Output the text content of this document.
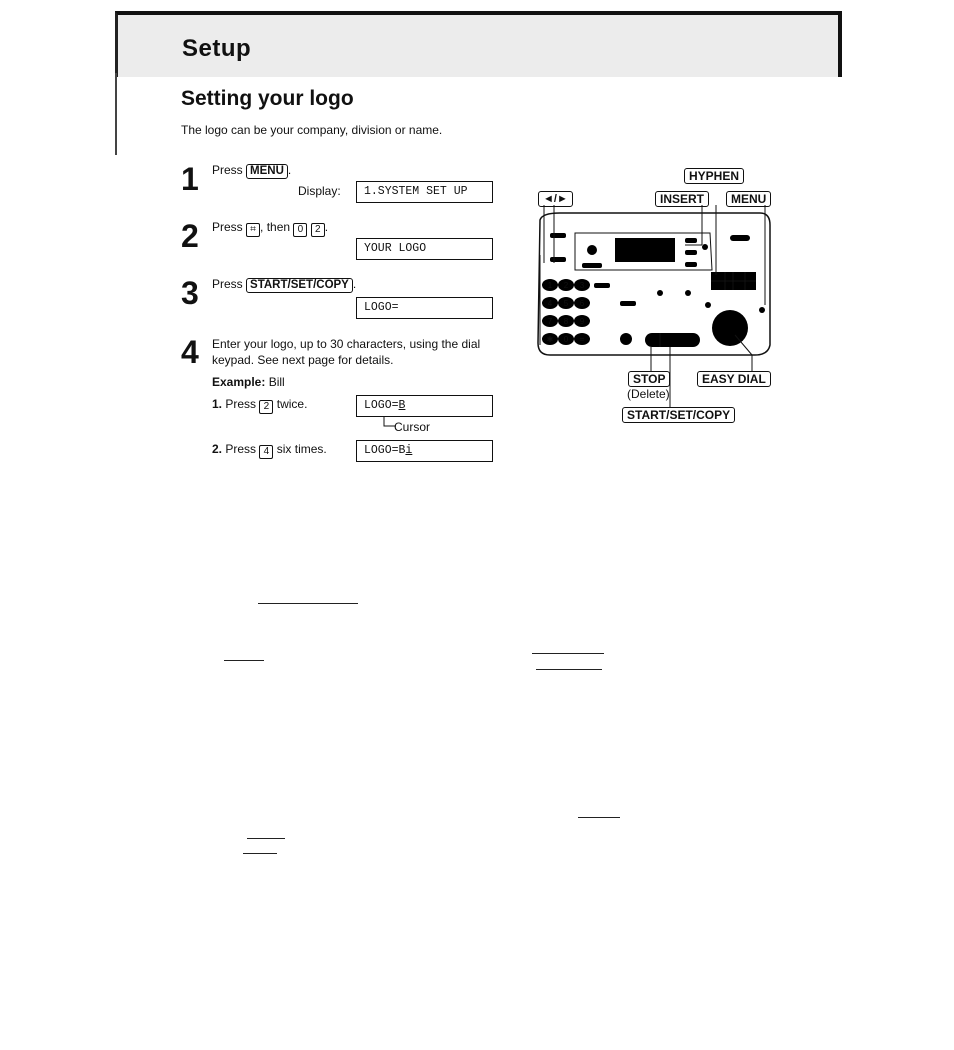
Setup
Setting your logo
The logo can be your company, division or name.
1 Press MENU .
Display:	1.SYSTEM SET UP
2 Press ⌗ , then 0 2 .
YOUR LOGO
3 Press START/SET/COPY .
LOGO=
4 Enter your logo, up to 30 characters, using the dial keypad. See next page for details.
Example: Bill
1. Press 2 twice.	LOGO=B
Cursor
2. Press 4 six times.	LOGO=Bi
HYPHEN
◄/►	INSERT	MENU
1 2 3
4 5 6
7 8 9
✱ 0 ⌗
STOP
(Delete)
EASY DIAL
START/SET/COPY
